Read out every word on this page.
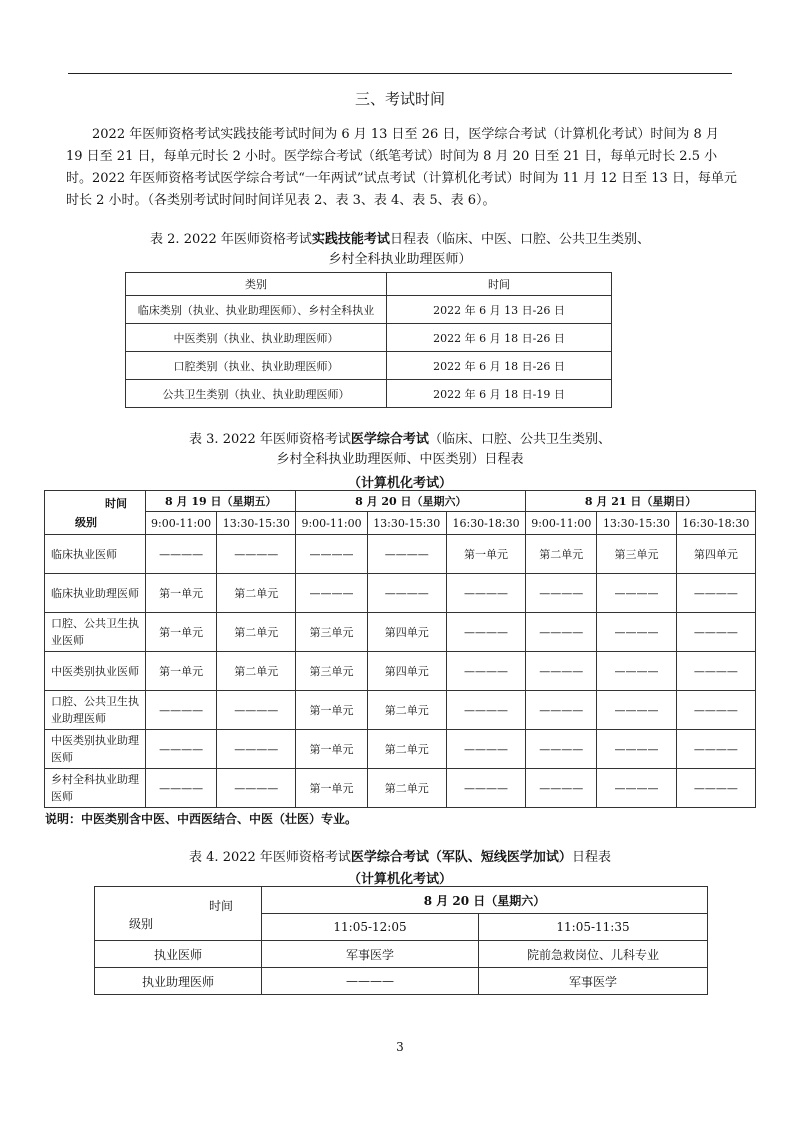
三、考试时间

2022 年医师资格考试实践技能考试时间为 6 月 13 日至 26 日，医学综合考试（计算机化考试）时间为 8 月 19 日至 21 日，每单元时长 2 小时。医学综合考试（纸笔考试）时间为 8 月 20 日至 21 日，每单元时长 2.5 小时。2022 年医师资格考试医学综合考试“一年两试”试点考试（计算机化考试）时间为 11 月 12 日至 13 日，每单元时长 2 小时。（各类别考试时间时间详见表 2、表 3、表 4、表 5、表 6）。

表 2. 2022 年医师资格考试实践技能考试日程表（临床、中医、口腔、公共卫生类别、
乡村全科执业助理医师）
类别	时间
临床类别（执业、执业助理医师）、乡村全科执业	2022 年 6 月 13 日-26 日
中医类别（执业、执业助理医师）	2022 年 6 月 18 日-26 日
口腔类别（执业、执业助理医师）	2022 年 6 月 18 日-26 日
公共卫生类别（执业、执业助理医师）	2022 年 6 月 18 日-19 日
表 3. 2022 年医师资格考试医学综合考试（临床、口腔、公共卫生类别、
乡村全科执业助理医师、中医类别）日程表
（计算机化考试）
时间
级别	8 月 19 日（星期五）		8 月 20 日（星期六）			8 月 21 日（星期日）		
	9:00-11:00	13:30-15:30	9:00-11:00	13:30-15:30	16:30-18:30	9:00-11:00	13:30-15:30	16:30-18:30
临床执业医师	————	————	————	————	第一单元	第二单元	第三单元	第四单元
临床执业助理医师	第一单元	第二单元	————	————	————	————	————	————
口腔、公共卫生执业医师	第一单元	第二单元	第三单元	第四单元	————	————	————	————
中医类别执业医师	第一单元	第二单元	第三单元	第四单元	————	————	————	————
口腔、公共卫生执业助理医师	————	————	第一单元	第二单元	————	————	————	————
中医类别执业助理医师	————	————	第一单元	第二单元	————	————	————	————
乡村全科执业助理医师	————	————	第一单元	第二单元	————	————	————	————
说明：中医类别含中医、中西医结合、中医（壮医）专业。
表 4. 2022 年医师资格考试医学综合考试（军队、短线医学加试）日程表
（计算机化考试）
时间
级别	8 月 20 日（星期六）	
	11:05-12:05	11:05-11:35
执业医师	军事医学	院前急救岗位、儿科专业
执业助理医师	————	军事医学
3
